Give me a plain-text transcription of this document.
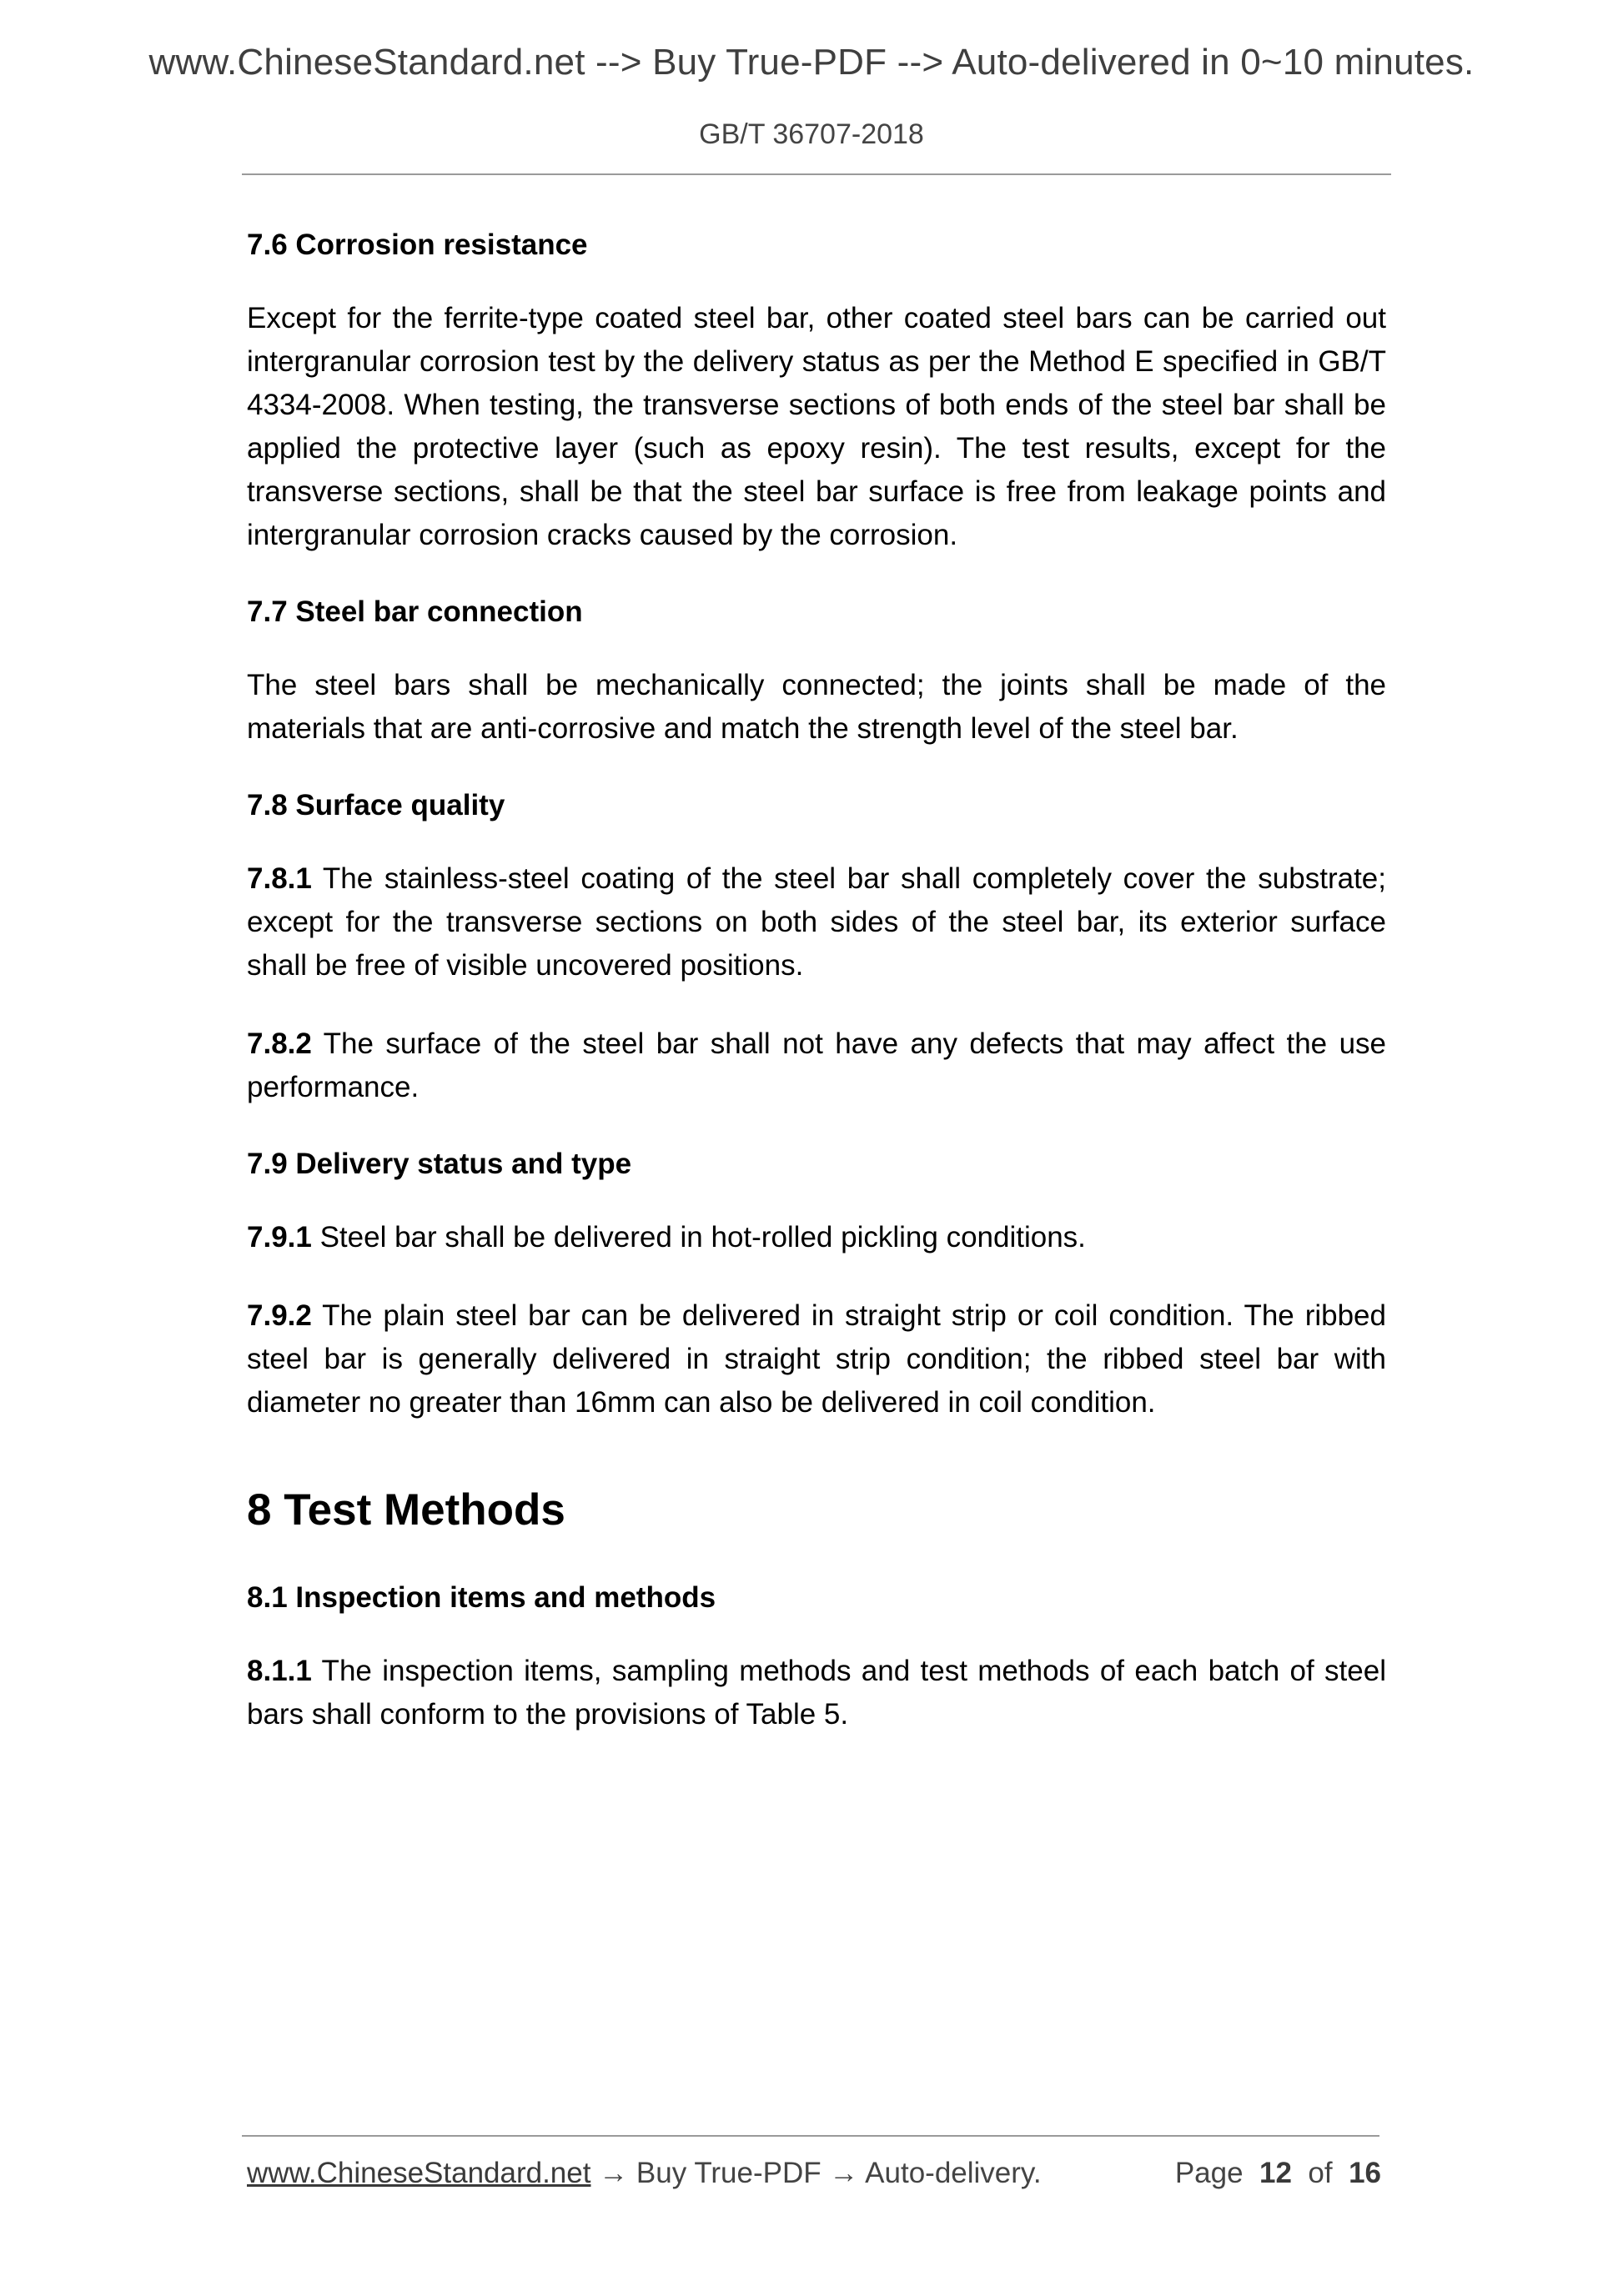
www.ChineseStandard.net --> Buy True-PDF --> Auto-delivered in 0~10 minutes.
GB/T 36707-2018
7.6 Corrosion resistance

Except for the ferrite-type coated steel bar, other coated steel bars can be carried out intergranular corrosion test by the delivery status as per the Method E specified in GB/T 4334-2008. When testing, the transverse sections of both ends of the steel bar shall be applied the protective layer (such as epoxy resin). The test results, except for the transverse sections, shall be that the steel bar surface is free from leakage points and intergranular corrosion cracks caused by the corrosion.

7.7 Steel bar connection

The steel bars shall be mechanically connected; the joints shall be made of the materials that are anti-corrosive and match the strength level of the steel bar.

7.8 Surface quality

7.8.1 The stainless-steel coating of the steel bar shall completely cover the substrate; except for the transverse sections on both sides of the steel bar, its exterior surface shall be free of visible uncovered positions.

7.8.2 The surface of the steel bar shall not have any defects that may affect the use performance.

7.9 Delivery status and type

7.9.1 Steel bar shall be delivered in hot-rolled pickling conditions.

7.9.2 The plain steel bar can be delivered in straight strip or coil condition. The ribbed steel bar is generally delivered in straight strip condition; the ribbed steel bar with diameter no greater than 16mm can also be delivered in coil condition.

8 Test Methods
8.1 Inspection items and methods

8.1.1 The inspection items, sampling methods and test methods of each batch of steel bars shall conform to the provisions of Table 5.

www.ChineseStandard.net → Buy True-PDF → Auto-delivery.	Page 12 of 16
